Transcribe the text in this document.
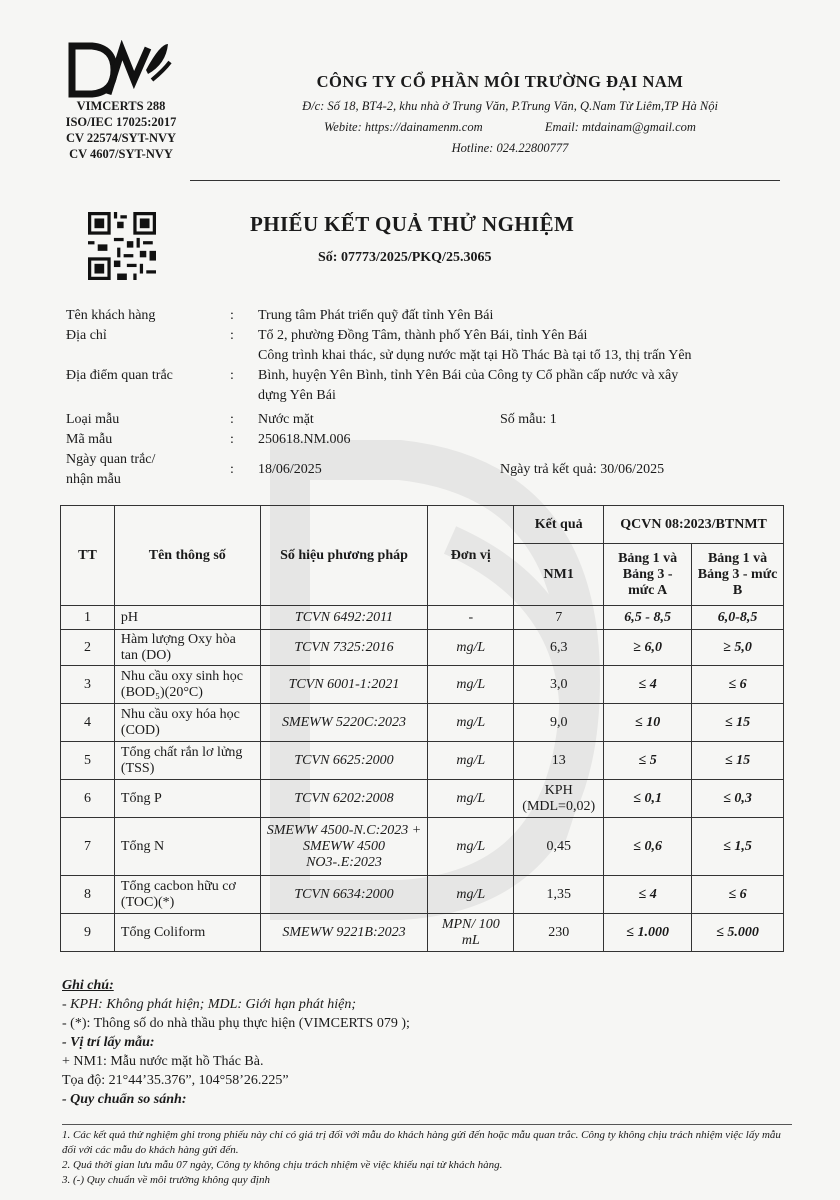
VIMCERTS 288
ISO/IEC 17025:2017
CV 22574/SYT-NVY
CV 4607/SYT-NVY
CÔNG TY CỔ PHẦN MÔI TRƯỜNG ĐẠI NAM
Đ/c: Số 18, BT4-2, khu nhà ở Trung Văn, P.Trung Văn, Q.Nam Từ Liêm,TP Hà Nội
Webite: https://dainamenm.com	Email: mtdainam@gmail.com
Hotline: 024.22800777
PHIẾU KẾT QUẢ THỬ NGHIỆM
Số: 07773/2025/PKQ/25.3065
Tên khách hàng	:	Trung tâm Phát triển quỹ đất tỉnh Yên Bái
Địa chỉ	:	Tổ 2, phường Đồng Tâm, thành phố Yên Bái, tỉnh Yên Bái
Địa điểm quan trắc	:
Công trình khai thác, sử dụng nước mặt tại Hồ Thác Bà tại tổ 13, thị trấn Yên
Bình, huyện Yên Bình, tỉnh Yên Bái của Công ty Cổ phần cấp nước và xây
dựng Yên Bái
Loại mẫu	:	Nước mặt	Số mẫu: 1
Mã mẫu	:	250618.NM.006
Ngày quan trắc/
nhận mẫu
:	18/06/2025	Ngày trả kết quả: 30/06/2025
TT	Tên thông số	Số hiệu phương pháp	Đơn vị	Kết quả	QCVN 08:2023/BTNMT	
				NM1	Bảng 1 và Bảng 3 - mức A	Bảng 1 và Bảng 3 - mức B
1	pH	TCVN 6492:2011	-	7	6,5 - 8,5	6,0-8,5
2	Hàm lượng Oxy hòa tan (DO)	TCVN 7325:2016	mg/L	6,3	≥ 6,0	≥ 5,0
3	Nhu cầu oxy sinh học (BOD₅)(20°C)	TCVN 6001-1:2021	mg/L	3,0	≤ 4	≤ 6
4	Nhu cầu oxy hóa học (COD)	SMEWW 5220C:2023	mg/L	9,0	≤ 10	≤ 15
5	Tổng chất rắn lơ lửng (TSS)	TCVN 6625:2000	mg/L	13	≤ 5	≤ 15
6	Tổng P	TCVN 6202:2008	mg/L	KPH (MDL=0,02)	≤ 0,1	≤ 0,3
7	Tổng N	SMEWW 4500-N.C:2023 + SMEWW 4500 NO3-.E:2023	mg/L	0,45	≤ 0,6	≤ 1,5
8	Tổng cacbon hữu cơ (TOC)(*)	TCVN 6634:2000	mg/L	1,35	≤ 4	≤ 6
9	Tổng Coliform	SMEWW 9221B:2023	MPN/ 100 mL	230	≤ 1.000	≤ 5.000
Ghi chú:
- KPH: Không phát hiện; MDL: Giới hạn phát hiện;
- (*): Thông số do nhà thầu phụ thực hiện (VIMCERTS 079 );
- Vị trí lấy mẫu:
+ NM1: Mẫu nước mặt hồ Thác Bà.
Tọa độ: 21°44’35.376”, 104°58’26.225”
- Quy chuẩn so sánh:
1. Các kết quả thử nghiệm ghi trong phiếu này chỉ có giá trị đối với mẫu do khách hàng gửi đến hoặc mẫu quan trắc. Công ty không chịu trách nhiệm việc lấy mẫu đối với các mẫu do khách hàng gửi đến.
2. Quá thời gian lưu mẫu 07 ngày, Công ty không chịu trách nhiệm về việc khiếu nại từ khách hàng.
3. (-) Quy chuẩn về môi trường không quy định
